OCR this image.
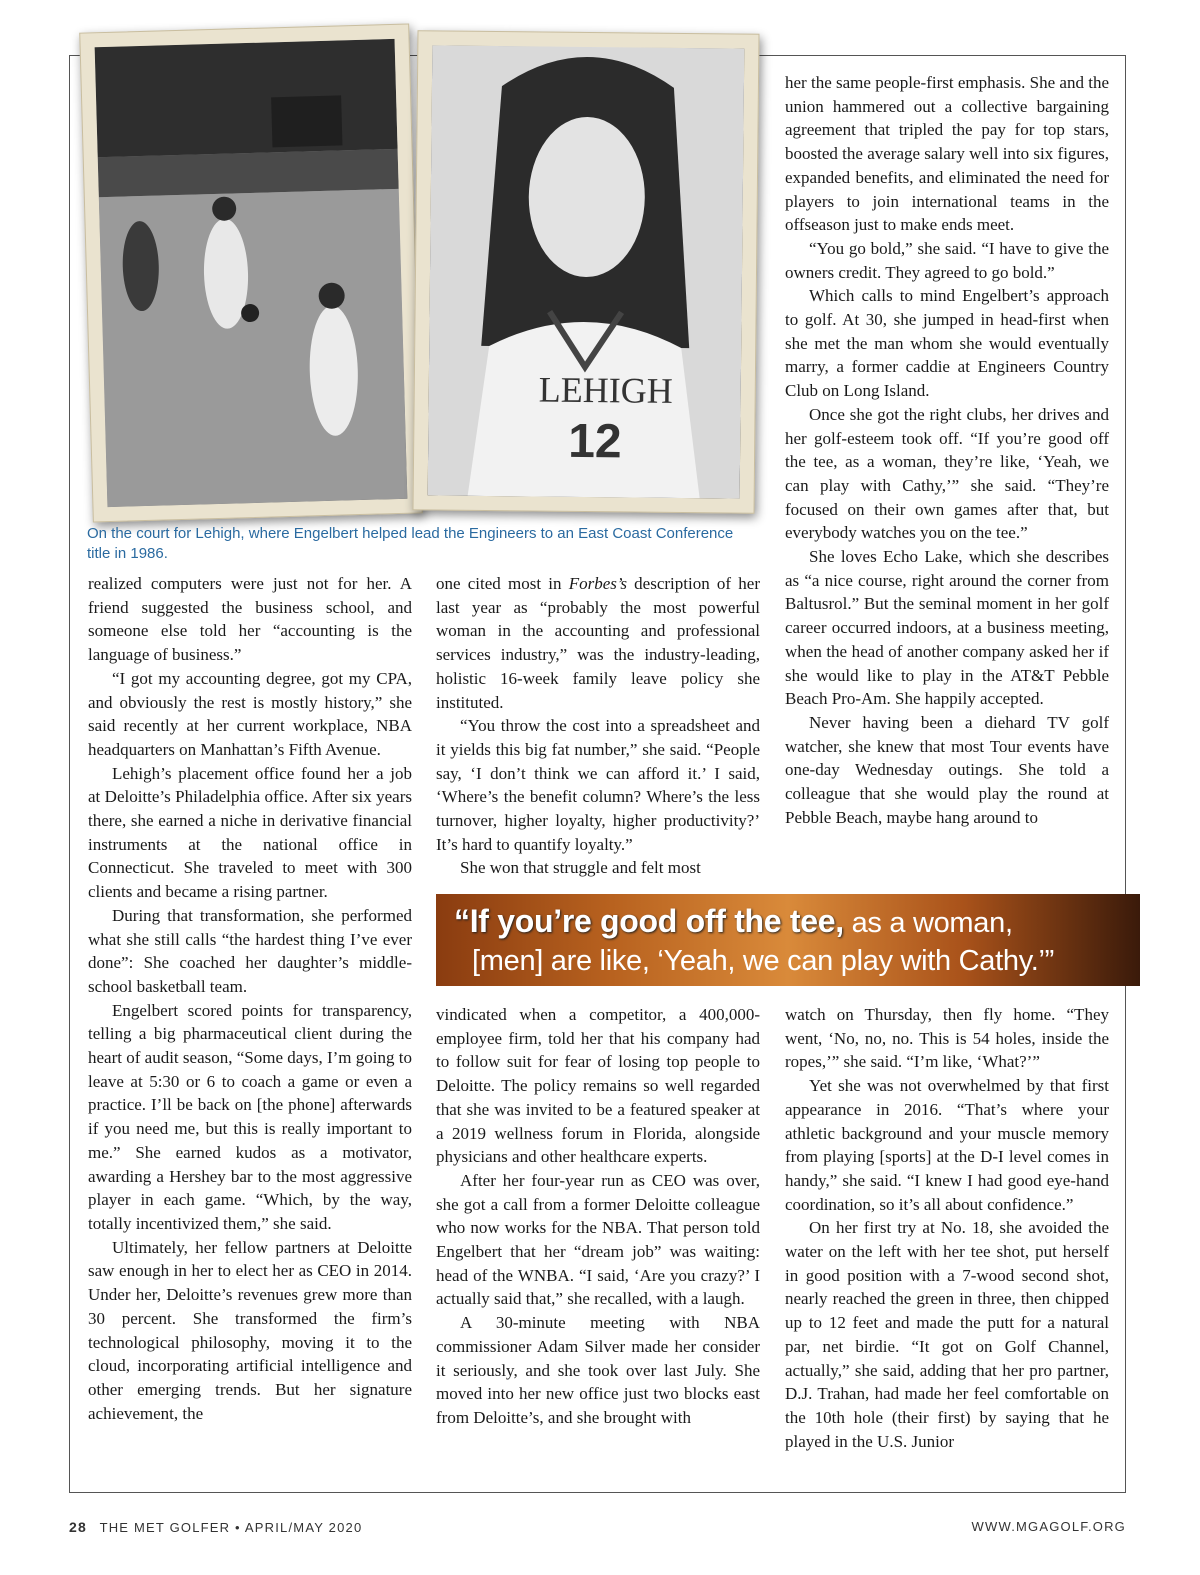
LEHIGH
12
On the court for Lehigh, where Engelbert helped lead the Engineers to an East Coast Conference title in 1986.

realized computers were just not for her. A friend suggested the business school, and someone else told her “accounting is the language of business.”

“I got my accounting degree, got my CPA, and obviously the rest is mostly history,” she said recently at her current workplace, NBA headquarters on Manhattan’s Fifth Avenue.

Lehigh’s placement office found her a job at Deloitte’s Philadelphia office. After six years there, she earned a niche in derivative financial instruments at the national office in Connecticut. She traveled to meet with 300 clients and became a rising partner.

During that transformation, she performed what she still calls “the hardest thing I’ve ever done”: She coached her daughter’s middle-school basketball team.

Engelbert scored points for transparency, telling a big pharmaceutical client during the heart of audit season, “Some days, I’m going to leave at 5:30 or 6 to coach a game or even a practice. I’ll be back on [the phone] afterwards if you need me, but this is really important to me.” She earned kudos as a motivator, awarding a Hershey bar to the most aggressive player in each game. “Which, by the way, totally incentivized them,” she said.

Ultimately, her fellow partners at Deloitte saw enough in her to elect her as CEO in 2014. Under her, Deloitte’s revenues grew more than 30 percent. She transformed the firm’s technological philosophy, moving it to the cloud, incorporating artificial intelligence and other emerging trends. But her signature achievement, the

one cited most in Forbes’s description of her last year as “probably the most powerful woman in the accounting and professional services industry,” was the industry-leading, holistic 16-week family leave policy she instituted.

“You throw the cost into a spreadsheet and it yields this big fat number,” she said. “People say, ‘I don’t think we can afford it.’ I said, ‘Where’s the benefit column? Where’s the less turnover, higher loyalty, higher productivity?’ It’s hard to quantify loyalty.”

She won that struggle and felt most

“If you’re good off the tee, as a woman,
[men] are like, ‘Yeah, we can play with Cathy.’”

vindicated when a competitor, a 400,000-employee firm, told her that his company had to follow suit for fear of losing top people to Deloitte. The policy remains so well regarded that she was invited to be a featured speaker at a 2019 wellness forum in Florida, alongside physicians and other healthcare experts.

After her four-year run as CEO was over, she got a call from a former Deloitte colleague who now works for the NBA. That person told Engelbert that her “dream job” was waiting: head of the WNBA. “I said, ‘Are you crazy?’ I actually said that,” she recalled, with a laugh.

A 30-minute meeting with NBA commissioner Adam Silver made her consider it seriously, and she took over last July. She moved into her new office just two blocks east from Deloitte’s, and she brought with

her the same people-first emphasis. She and the union hammered out a collective bargaining agreement that tripled the pay for top stars, boosted the average salary well into six figures, expanded benefits, and eliminated the need for players to join international teams in the offseason just to make ends meet.

“You go bold,” she said. “I have to give the owners credit. They agreed to go bold.”

Which calls to mind Engelbert’s approach to golf. At 30, she jumped in head-first when she met the man whom she would eventually marry, a former caddie at Engineers Country Club on Long Island.

Once she got the right clubs, her drives and her golf-esteem took off. “If you’re good off the tee, as a woman, they’re like, ‘Yeah, we can play with Cathy,’” she said. “They’re focused on their own games after that, but everybody watches you on the tee.”

She loves Echo Lake, which she describes as “a nice course, right around the corner from Baltusrol.” But the seminal moment in her golf career occurred indoors, at a business meeting, when the head of another company asked her if she would like to play in the AT&T Pebble Beach Pro-Am. She happily accepted.

Never having been a diehard TV golf watcher, she knew that most Tour events have one-day Wednesday outings. She told a colleague that she would play the round at Pebble Beach, maybe hang around to

watch on Thursday, then fly home. “They went, ‘No, no, no. This is 54 holes, inside the ropes,’” she said. “I’m like, ‘What?’”

Yet she was not overwhelmed by that first appearance in 2016. “That’s where your athletic background and your muscle memory from playing [sports] at the D-I level comes in handy,” she said. “I knew I had good eye-hand coordination, so it’s all about confidence.”

On her first try at No. 18, she avoided the water on the left with her tee shot, put herself in good position with a 7-wood second shot, nearly reached the green in three, then chipped up to 12 feet and made the putt for a natural par, net birdie. “It got on Golf Channel, actually,” she said, adding that her pro partner, D.J. Trahan, had made her feel comfortable on the 10th hole (their first) by saying that he played in the U.S. Junior

28 THE MET GOLFER • APRIL/MAY 2020	WWW.MGAGOLF.ORG
